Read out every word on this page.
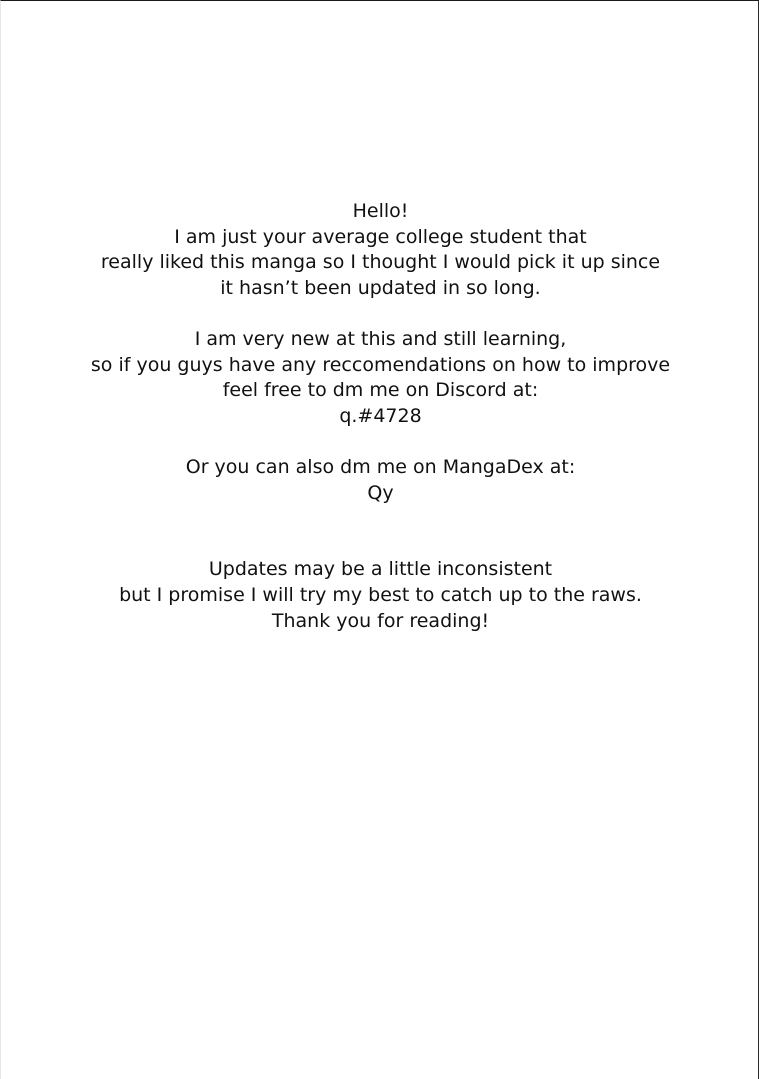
Hello!
I am just your average college student that
really liked this manga so I thought I would pick it up since
it hasn’t been updated in so long.

I am very new at this and still learning,
so if you guys have any reccomendations on how to improve
feel free to dm me on Discord at:
q.#4728

Or you can also dm me on MangaDex at:
Qy

Updates may be a little inconsistent
but I promise I will try my best to catch up to the raws.
Thank you for reading!
